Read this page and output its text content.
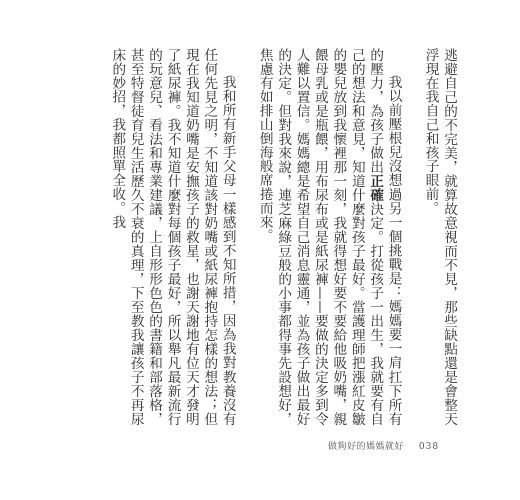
逃避自己的不完美，就算故意視而不見，那些缺點還是會整天浮現在我自己和孩子眼前。

我以前壓根兒沒想過另一個挑戰是：媽媽要一肩扛下所有的壓力，為孩子做出正確決定。打從孩子一出生，我就要有自己的想法和意見，知道什麼對孩子最好。當護理師把漲紅皮皺的嬰兒放到我懷裡那一刻，我就得想好要不要給他吸奶嘴，親餵母乳或是瓶餵，用布尿布或是紙尿褲——要做的決定多到令人難以置信。媽媽總是希望自己消息靈通，並為孩子做出最好的決定。但對我來說，連芝麻綠豆般的小事都得事先設想好，焦慮有如排山倒海般席捲而來。

我和所有新手父母一樣感到不知所措，因為我對教養沒有任何先見之明，不知道該對奶嘴或紙尿褲抱持怎樣的想法；但現在我知道奶嘴是安撫孩子的救星，也謝天謝地有位天才發明了紙尿褲。我不知道什麼對每個孩子最好，所以舉凡最新流行的玩意兒、看法和專業建議，上自形形色色的書籍和部落格，甚至特督徒育兒生活歷久不衰的真理，下至教我讓孩子不再尿床的妙招，我都照單全收。我

做夠好的媽媽就好 038
